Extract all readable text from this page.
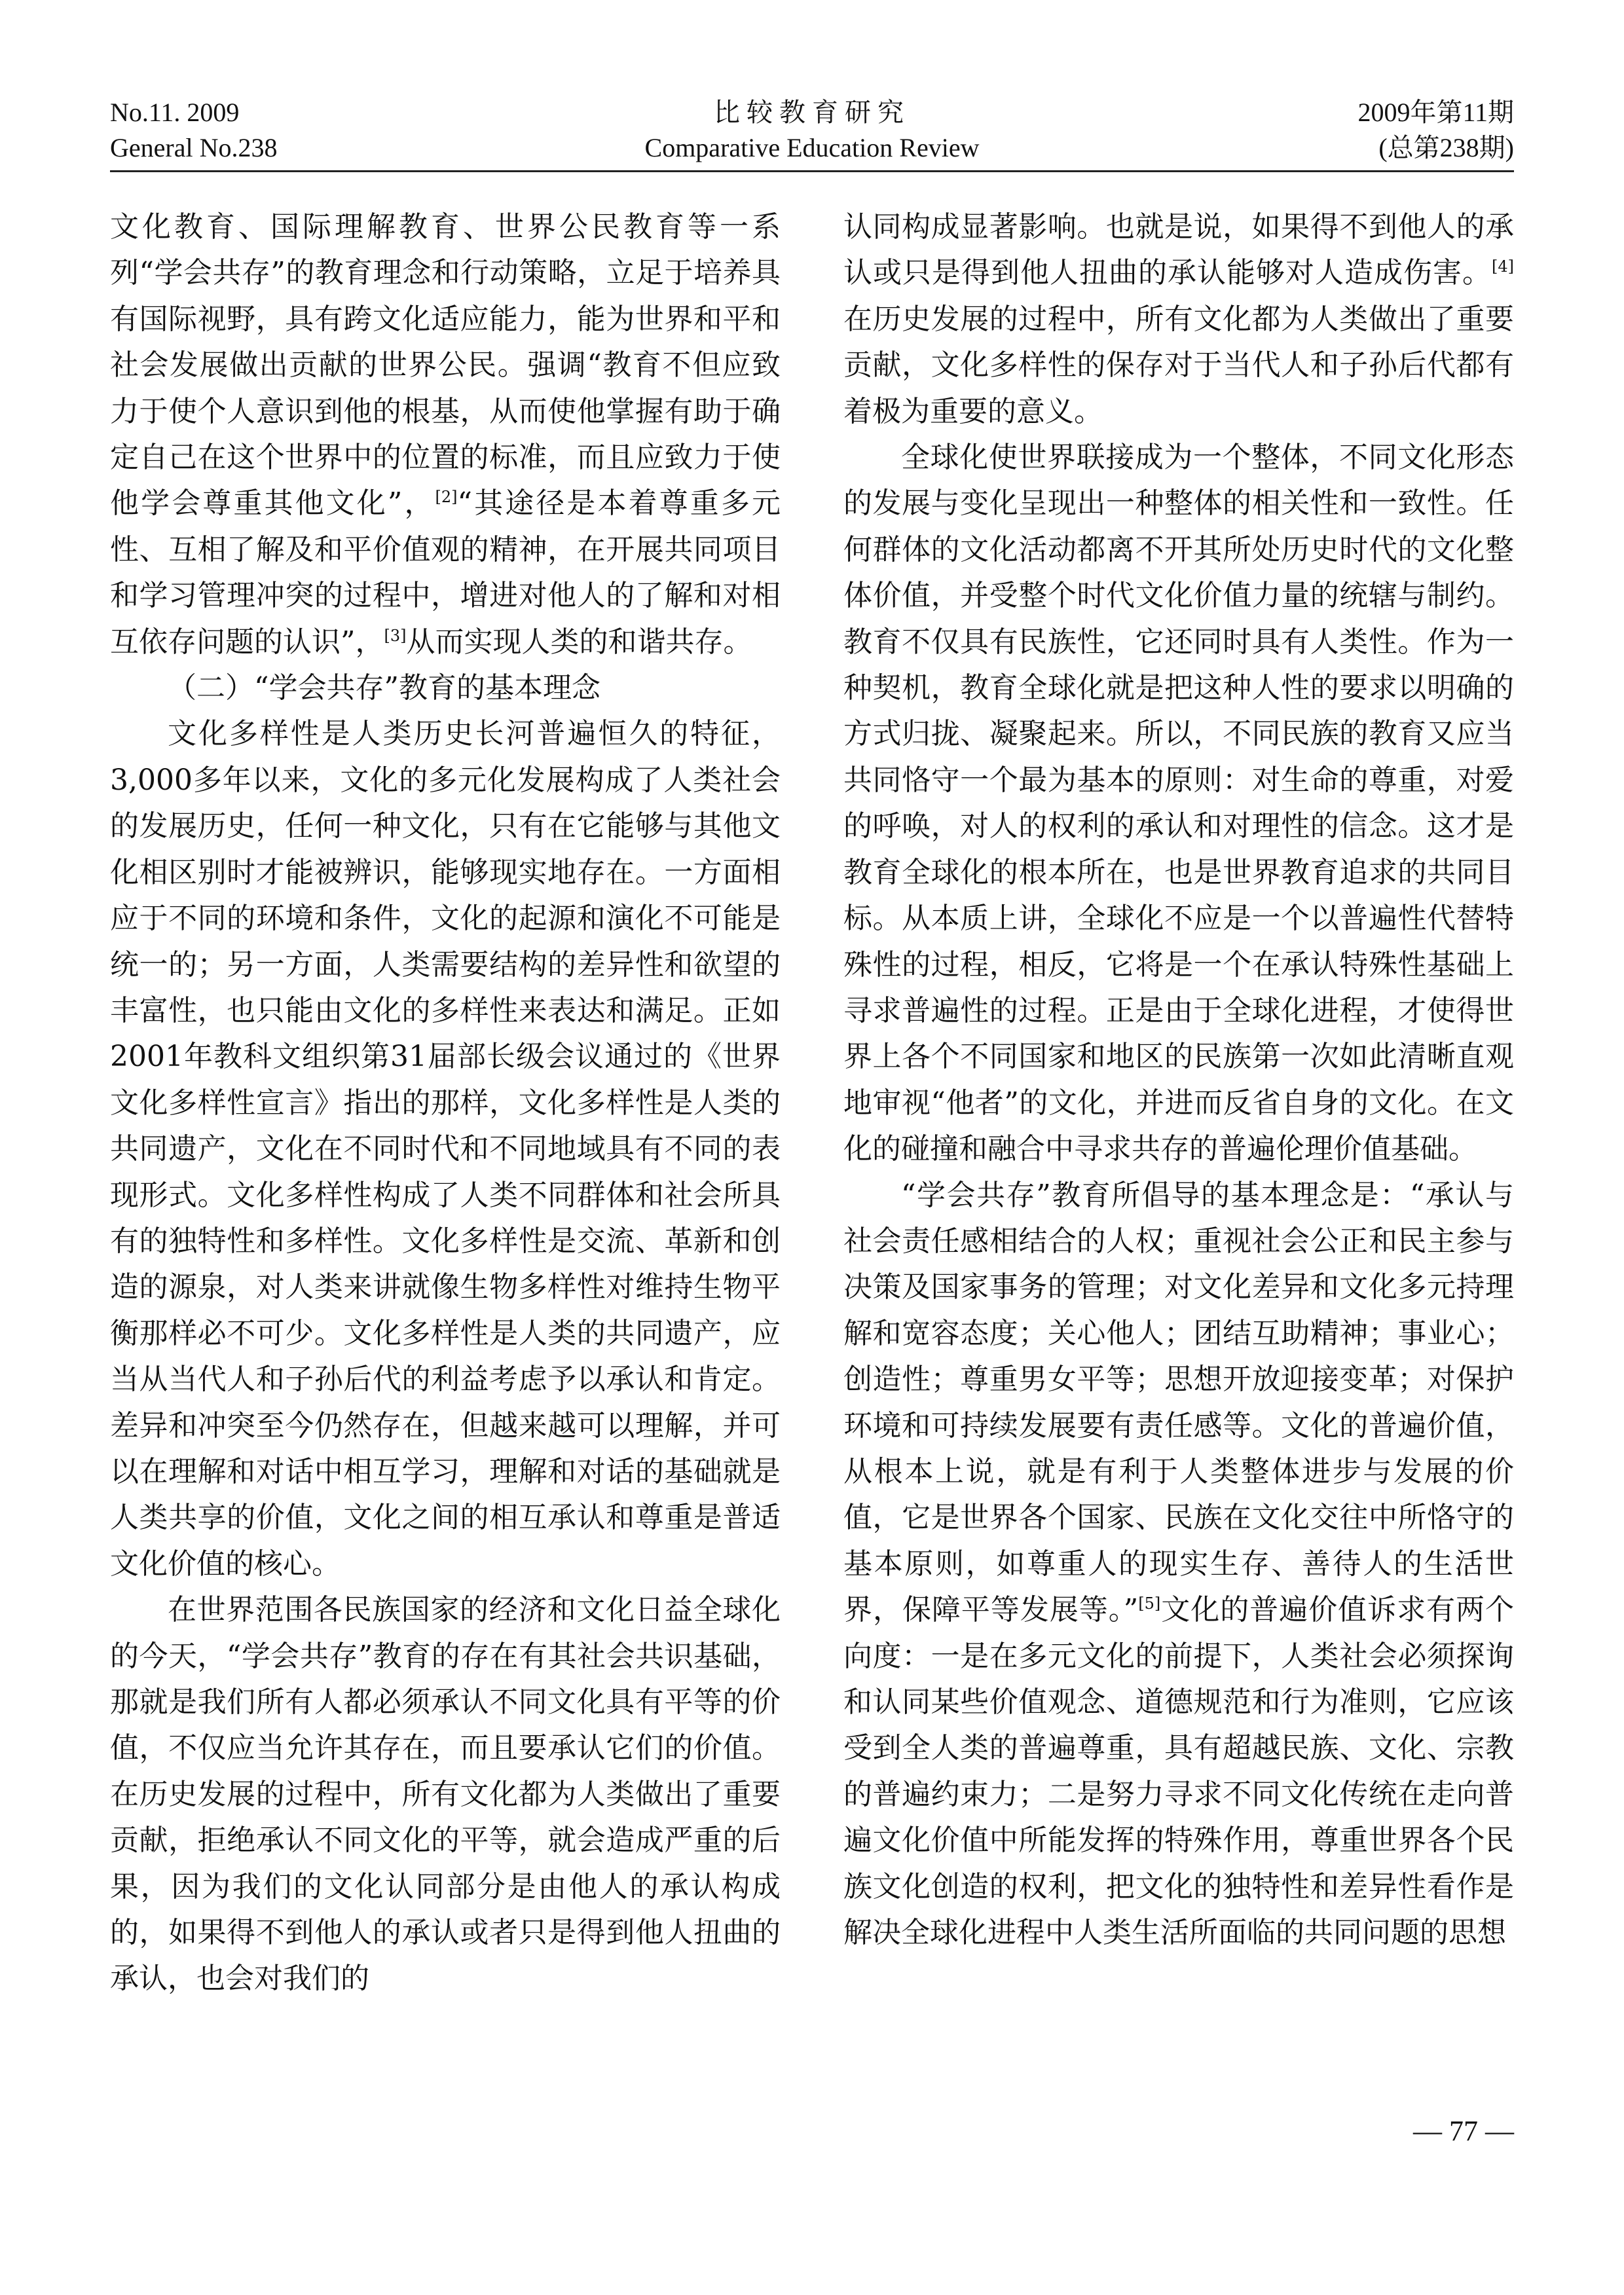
No.11. 2009
General No.238
比较教育研究
Comparative Education Review
2009年第11期
(总第238期)

文化教育、国际理解教育、世界公民教育等一系列“学会共存”的教育理念和行动策略，立足于培养具有国际视野，具有跨文化适应能力，能为世界和平和社会发展做出贡献的世界公民。强调“教育不但应致力于使个人意识到他的根基，从而使他掌握有助于确定自己在这个世界中的位置的标准，而且应致力于使他学会尊重其他文化”，[2]“其途径是本着尊重多元性、互相了解及和平价值观的精神，在开展共同项目和学习管理冲突的过程中，增进对他人的了解和对相互依存问题的认识”，[3]从而实现人类的和谐共存。

（二）“学会共存”教育的基本理念

文化多样性是人类历史长河普遍恒久的特征，3,000多年以来，文化的多元化发展构成了人类社会的发展历史，任何一种文化，只有在它能够与其他文化相区别时才能被辨识，能够现实地存在。一方面相应于不同的环境和条件，文化的起源和演化不可能是统一的；另一方面，人类需要结构的差异性和欲望的丰富性，也只能由文化的多样性来表达和满足。正如2001年教科文组织第31届部长级会议通过的《世界文化多样性宣言》指出的那样，文化多样性是人类的共同遗产，文化在不同时代和不同地域具有不同的表现形式。文化多样性构成了人类不同群体和社会所具有的独特性和多样性。文化多样性是交流、革新和创造的源泉，对人类来讲就像生物多样性对维持生物平衡那样必不可少。文化多样性是人类的共同遗产，应当从当代人和子孙后代的利益考虑予以承认和肯定。差异和冲突至今仍然存在，但越来越可以理解，并可以在理解和对话中相互学习，理解和对话的基础就是人类共享的价值，文化之间的相互承认和尊重是普适文化价值的核心。

在世界范围各民族国家的经济和文化日益全球化的今天，“学会共存”教育的存在有其社会共识基础，那就是我们所有人都必须承认不同文化具有平等的价值，不仅应当允许其存在，而且要承认它们的价值。在历史发展的过程中，所有文化都为人类做出了重要贡献，拒绝承认不同文化的平等，就会造成严重的后果，因为我们的文化认同部分是由他人的承认构成的，如果得不到他人的承认或者只是得到他人扭曲的承认，也会对我们的

认同构成显著影响。也就是说，如果得不到他人的承认或只是得到他人扭曲的承认能够对人造成伤害。[4]在历史发展的过程中，所有文化都为人类做出了重要贡献，文化多样性的保存对于当代人和子孙后代都有着极为重要的意义。

全球化使世界联接成为一个整体，不同文化形态的发展与变化呈现出一种整体的相关性和一致性。任何群体的文化活动都离不开其所处历史时代的文化整体价值，并受整个时代文化价值力量的统辖与制约。教育不仅具有民族性，它还同时具有人类性。作为一种契机，教育全球化就是把这种人性的要求以明确的方式归拢、凝聚起来。所以，不同民族的教育又应当共同恪守一个最为基本的原则：对生命的尊重，对爱的呼唤，对人的权利的承认和对理性的信念。这才是教育全球化的根本所在，也是世界教育追求的共同目标。从本质上讲，全球化不应是一个以普遍性代替特殊性的过程，相反，它将是一个在承认特殊性基础上寻求普遍性的过程。正是由于全球化进程，才使得世界上各个不同国家和地区的民族第一次如此清晰直观地审视“他者”的文化，并进而反省自身的文化。在文化的碰撞和融合中寻求共存的普遍伦理价值基础。

“学会共存”教育所倡导的基本理念是：“承认与社会责任感相结合的人权；重视社会公正和民主参与决策及国家事务的管理；对文化差异和文化多元持理解和宽容态度；关心他人；团结互助精神；事业心；创造性；尊重男女平等；思想开放迎接变革；对保护环境和可持续发展要有责任感等。文化的普遍价值，从根本上说，就是有利于人类整体进步与发展的价值，它是世界各个国家、民族在文化交往中所恪守的基本原则，如尊重人的现实生存、善待人的生活世界，保障平等发展等。”[5]文化的普遍价值诉求有两个向度：一是在多元文化的前提下，人类社会必须探询和认同某些价值观念、道德规范和行为准则，它应该受到全人类的普遍尊重，具有超越民族、文化、宗教的普遍约束力；二是努力寻求不同文化传统在走向普遍文化价值中所能发挥的特殊作用，尊重世界各个民族文化创造的权利，把文化的独特性和差异性看作是解决全球化进程中人类生活所面临的共同问题的思想

— 77 —
